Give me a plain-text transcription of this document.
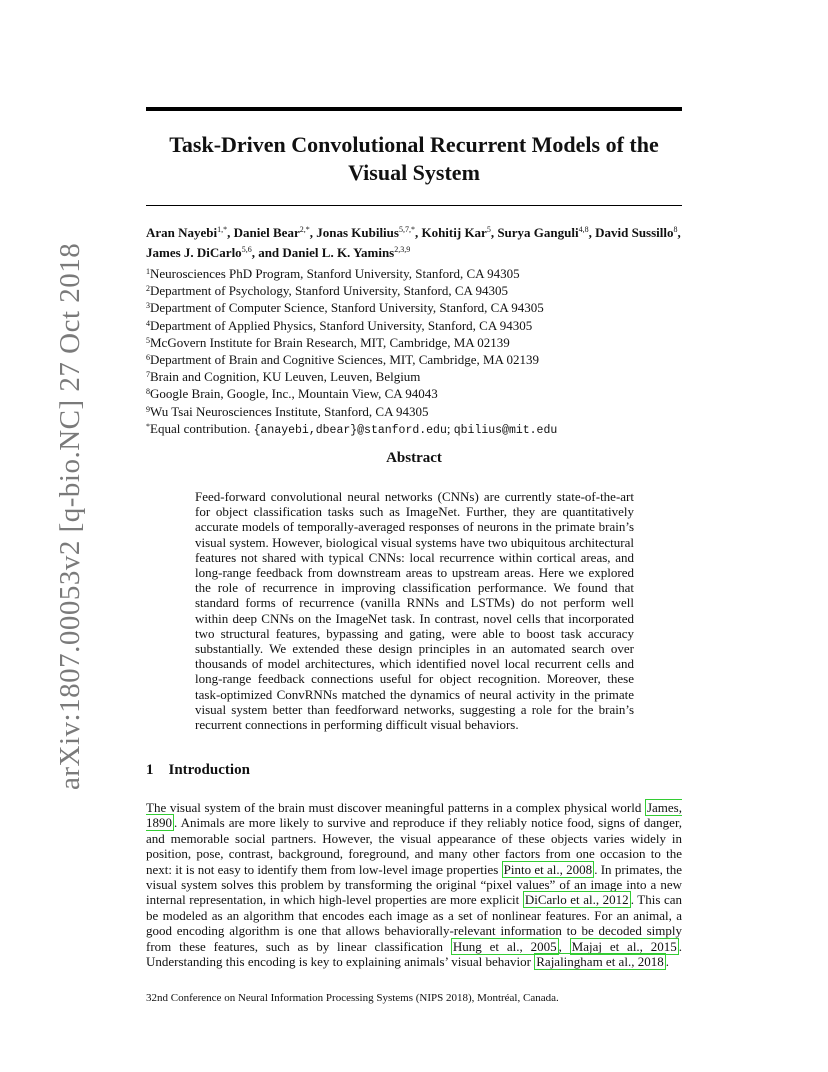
arXiv:1807.00053v2 [q-bio.NC] 27 Oct 2018
Task-Driven Convolutional Recurrent Models of the Visual System
Aran Nayebi$^{1,*}$, Daniel Bear$^{2,*}$, Jonas Kubilius$^{5,7,*}$, Kohitij Kar$^5$, Surya Ganguli$^{4,8}$, David Sussillo$^8$, James J. DiCarlo$^{5,6}$, and Daniel L. K. Yamins$^{2,3,9}$
$^1$Neurosciences PhD Program, Stanford University, Stanford, CA 94305
$^2$Department of Psychology, Stanford University, Stanford, CA 94305
$^3$Department of Computer Science, Stanford University, Stanford, CA 94305
$^4$Department of Applied Physics, Stanford University, Stanford, CA 94305
$^5$McGovern Institute for Brain Research, MIT, Cambridge, MA 02139
$^6$Department of Brain and Cognitive Sciences, MIT, Cambridge, MA 02139
$^7$Brain and Cognition, KU Leuven, Leuven, Belgium
$^8$Google Brain, Google, Inc., Mountain View, CA 94043
$^9$Wu Tsai Neurosciences Institute, Stanford, CA 94305
*Equal contribution. {anayebi,dbear}@stanford.edu; qbilius@mit.edu
Abstract

Feed-forward convolutional neural networks (CNNs) are currently state-of-the-art for object classification tasks such as ImageNet. Further, they are quantitatively accurate models of temporally-averaged responses of neurons in the primate brain’s visual system. However, biological visual systems have two ubiquitous architectural features not shared with typical CNNs: local recurrence within cortical areas, and long-range feedback from downstream areas to upstream areas. Here we explored the role of recurrence in improving classification performance. We found that standard forms of recurrence (vanilla RNNs and LSTMs) do not perform well within deep CNNs on the ImageNet task. In contrast, novel cells that incorporated two structural features, bypassing and gating, were able to boost task accuracy substantially. We extended these design principles in an automated search over thousands of model architectures, which identified novel local recurrent cells and long-range feedback connections useful for object recognition. Moreover, these task-optimized ConvRNNs matched the dynamics of neural activity in the primate visual system better than feedforward networks, suggesting a role for the brain’s recurrent connections in performing difficult visual behaviors.

1 Introduction

The visual system of the brain must discover meaningful patterns in a complex physical world James, 1890 . Animals are more likely to survive and reproduce if they reliably notice food, signs of danger, and memorable social partners. However, the visual appearance of these objects varies widely in position, pose, contrast, background, foreground, and many other factors from one occasion to the next: it is not easy to identify them from low-level image properties Pinto et al., 2008 . In primates, the visual system solves this problem by transforming the original “pixel values” of an image into a new internal representation, in which high-level properties are more explicit DiCarlo et al., 2012 . This can be modeled as an algorithm that encodes each image as a set of nonlinear features. For an animal, a good encoding algorithm is one that allows behaviorally-relevant information to be decoded simply from these features, such as by linear classification Hung et al., 2005 , Majaj et al., 2015 . Understanding this encoding is key to explaining animals’ visual behavior Rajalingham et al., 2018 .

32nd Conference on Neural Information Processing Systems (NIPS 2018), Montréal, Canada.
